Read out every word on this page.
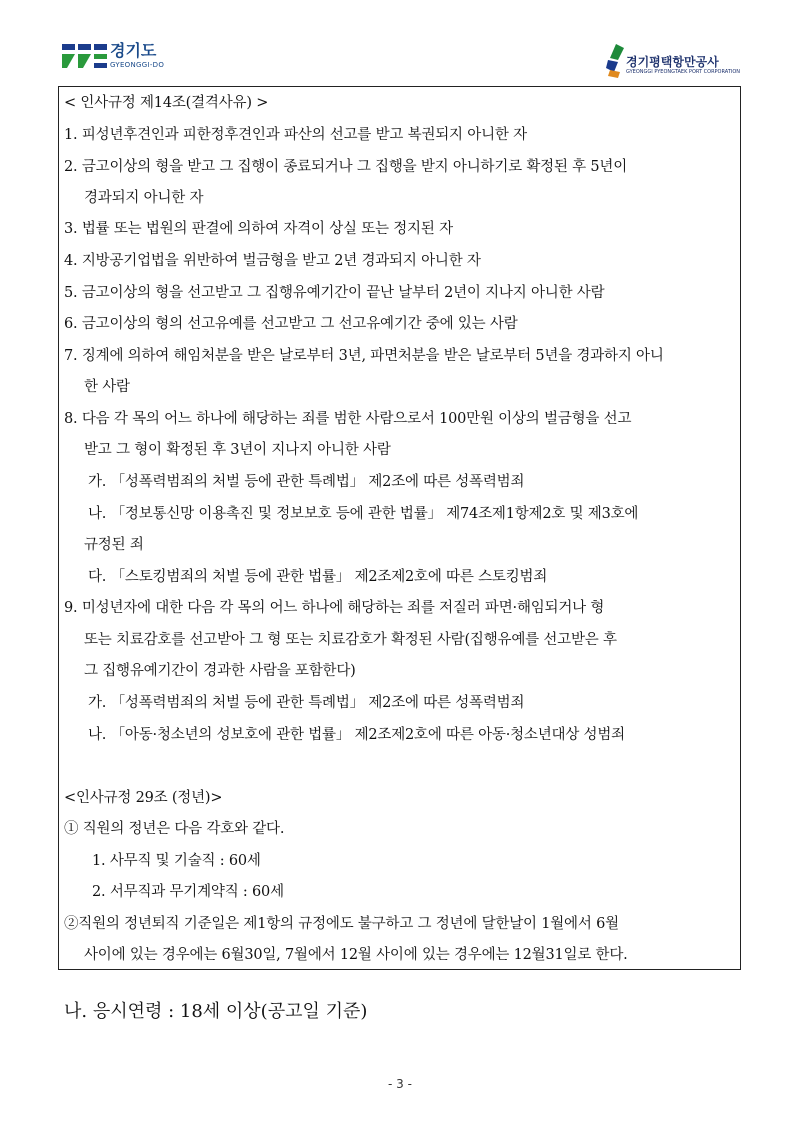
경기도
GYEONGGI-DO	경기평택항만공사
GYEONGGI PYEONGTAEK PORT CORPORATION
< 인사규정 제14조(결격사유) >
1. 피성년후견인과 피한정후견인과 파산의 선고를 받고 복권되지 아니한 자
2. 금고이상의 형을 받고 그 집행이 종료되거나 그 집행을 받지 아니하기로 확정된 후 5년이
경과되지 아니한 자
3. 법률 또는 법원의 판결에 의하여 자격이 상실 또는 정지된 자
4. 지방공기업법을 위반하여 벌금형을 받고 2년 경과되지 아니한 자
5. 금고이상의 형을 선고받고 그 집행유예기간이 끝난 날부터 2년이 지나지 아니한 사람
6. 금고이상의 형의 선고유예를 선고받고 그 선고유예기간 중에 있는 사람
7. 징계에 의하여 해임처분을 받은 날로부터 3년, 파면처분을 받은 날로부터 5년을 경과하지 아니
한 사람
8. 다음 각 목의 어느 하나에 해당하는 죄를 범한 사람으로서 100만원 이상의 벌금형을 선고
받고 그 형이 확정된 후 3년이 지나지 아니한 사람
가. 「성폭력범죄의 처벌 등에 관한 특례법」 제2조에 따른 성폭력범죄
나. 「정보통신망 이용촉진 및 정보보호 등에 관한 법률」 제74조제1항제2호 및 제3호에
규정된 죄
다. 「스토킹범죄의 처벌 등에 관한 법률」 제2조제2호에 따른 스토킹범죄
9. 미성년자에 대한 다음 각 목의 어느 하나에 해당하는 죄를 저질러 파면·해임되거나 형
또는 치료감호를 선고받아 그 형 또는 치료감호가 확정된 사람(집행유예를 선고받은 후
그 집행유예기간이 경과한 사람을 포함한다)
가. 「성폭력범죄의 처벌 등에 관한 특례법」 제2조에 따른 성폭력범죄
나. 「아동·청소년의 성보호에 관한 법률」 제2조제2호에 따른 아동·청소년대상 성범죄
<인사규정 29조 (정년)>
① 직원의 정년은 다음 각호와 같다.
1. 사무직 및 기술직 : 60세
2. 서무직과 무기계약직 : 60세
②직원의 정년퇴직 기준일은 제1항의 규정에도 불구하고 그 정년에 달한날이 1월에서 6월
사이에 있는 경우에는 6월30일, 7월에서 12월 사이에 있는 경우에는 12월31일로 한다.
나. 응시연령 : 18세 이상(공고일 기준)
- 3 -
